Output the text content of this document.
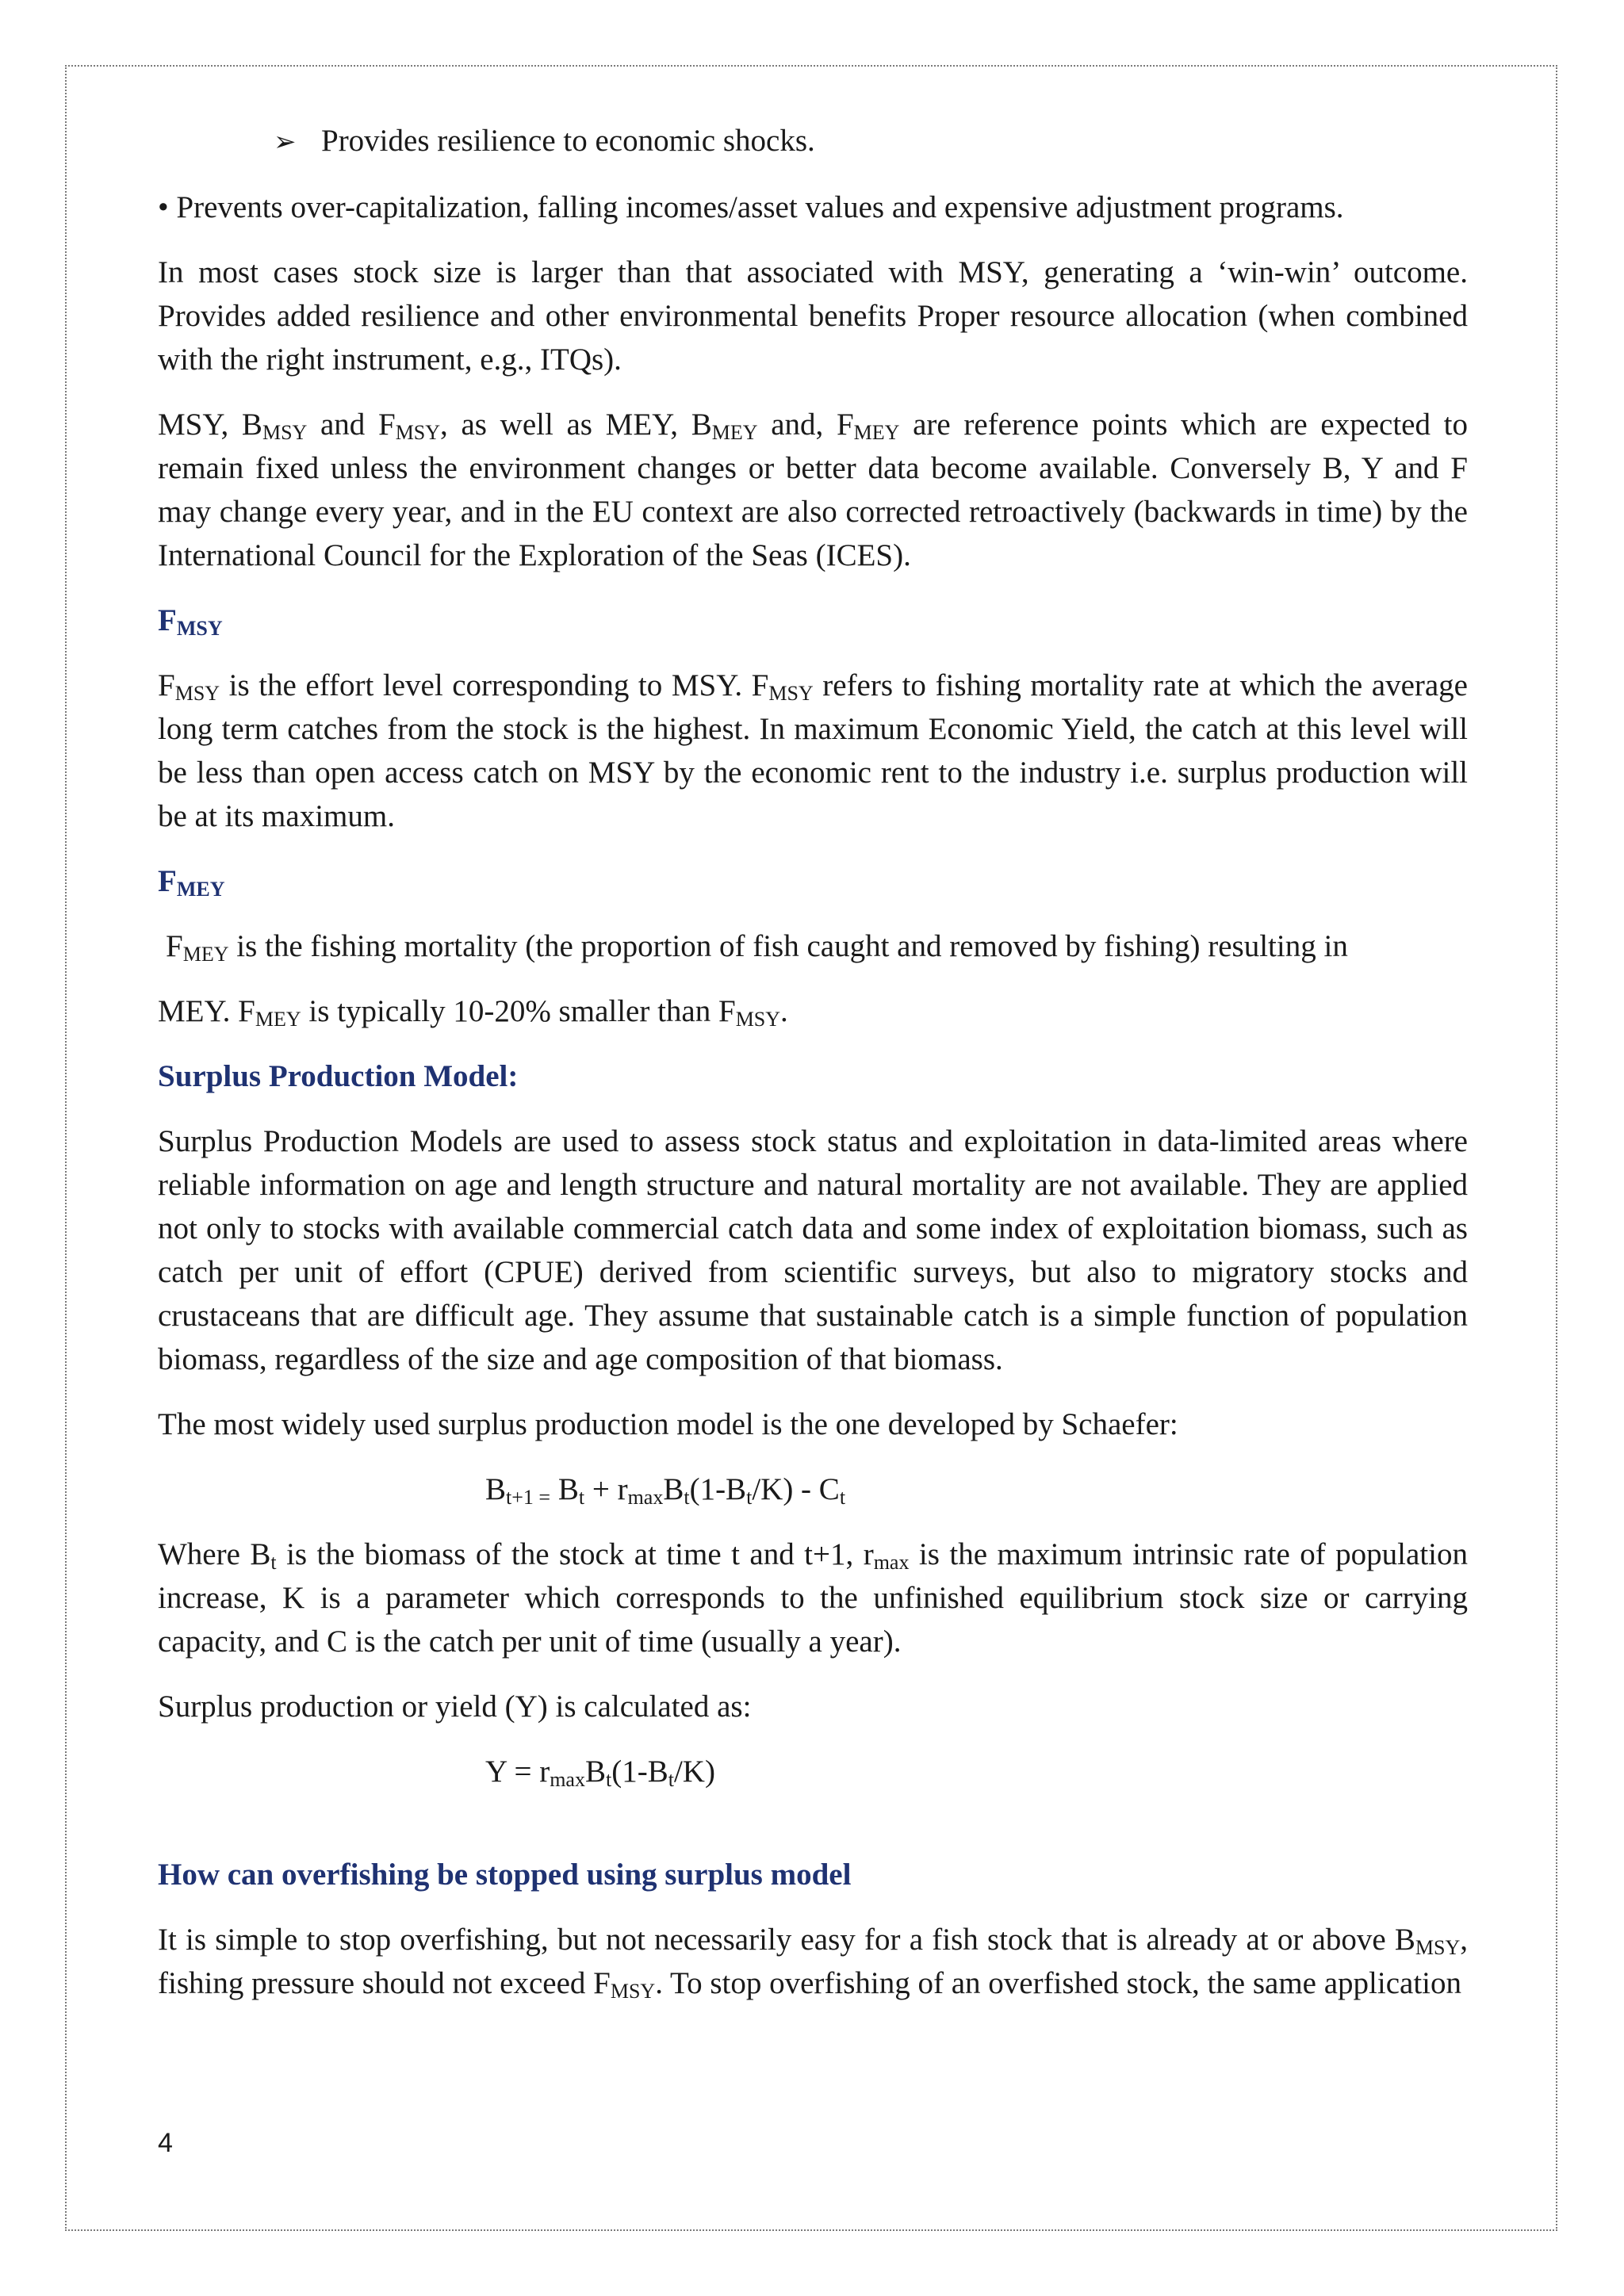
➢ Provides resilience to economic shocks.

• Prevents over-capitalization, falling incomes/asset values and expensive adjustment programs.

In most cases stock size is larger than that associated with MSY, generating a ‘win-win’ outcome. Provides added resilience and other environmental benefits Proper resource allocation (when combined with the right instrument, e.g., ITQs).

MSY, $B_{MSY}$ and $F_{MSY}$, as well as MEY, $B_{MEY}$ and, $F_{MEY}$ are reference points which are expected to remain fixed unless the environment changes or better data become available. Conversely B, Y and F may change every year, and in the EU context are also corrected retroactively (backwards in time) by the International Council for the Exploration of the Seas (ICES).

$F_{MSY}$

$F_{MSY}$ is the effort level corresponding to MSY. $F_{MSY}$ refers to fishing mortality rate at which the average long term catches from the stock is the highest. In maximum Economic Yield, the catch at this level will be less than open access catch on MSY by the economic rent to the industry i.e. surplus production will be at its maximum.

$F_{MEY}$

$F_{MEY}$ is the fishing mortality (the proportion of fish caught and removed by fishing) resulting in

MEY. $F_{MEY}$ is typically 10-20% smaller than $F_{MSY}$.

Surplus Production Model:

Surplus Production Models are used to assess stock status and exploitation in data-limited areas where reliable information on age and length structure and natural mortality are not available. They are applied not only to stocks with available commercial catch data and some index of exploitation biomass, such as catch per unit of effort (CPUE) derived from scientific surveys, but also to migratory stocks and crustaceans that are difficult age. They assume that sustainable catch is a simple function of population biomass, regardless of the size and age composition of that biomass.

The most widely used surplus production model is the one developed by Schaefer:

$B_{t+1 =}$ $B_t + r_{max}B_t(1-B_t/K) - C_t$

Where $B_t$ is the biomass of the stock at time t and t+1, $r_{max}$ is the maximum intrinsic rate of population increase, K is a parameter which corresponds to the unfinished equilibrium stock size or carrying capacity, and C is the catch per unit of time (usually a year).

Surplus production or yield (Y) is calculated as:

$Y = r_{max}B_t(1-B_t/K)$
How can overfishing be stopped using surplus model

It is simple to stop overfishing, but not necessarily easy for a fish stock that is already at or above $B_{MSY}$, fishing pressure should not exceed $F_{MSY}$. To stop overfishing of an overfished stock, the same application

4
